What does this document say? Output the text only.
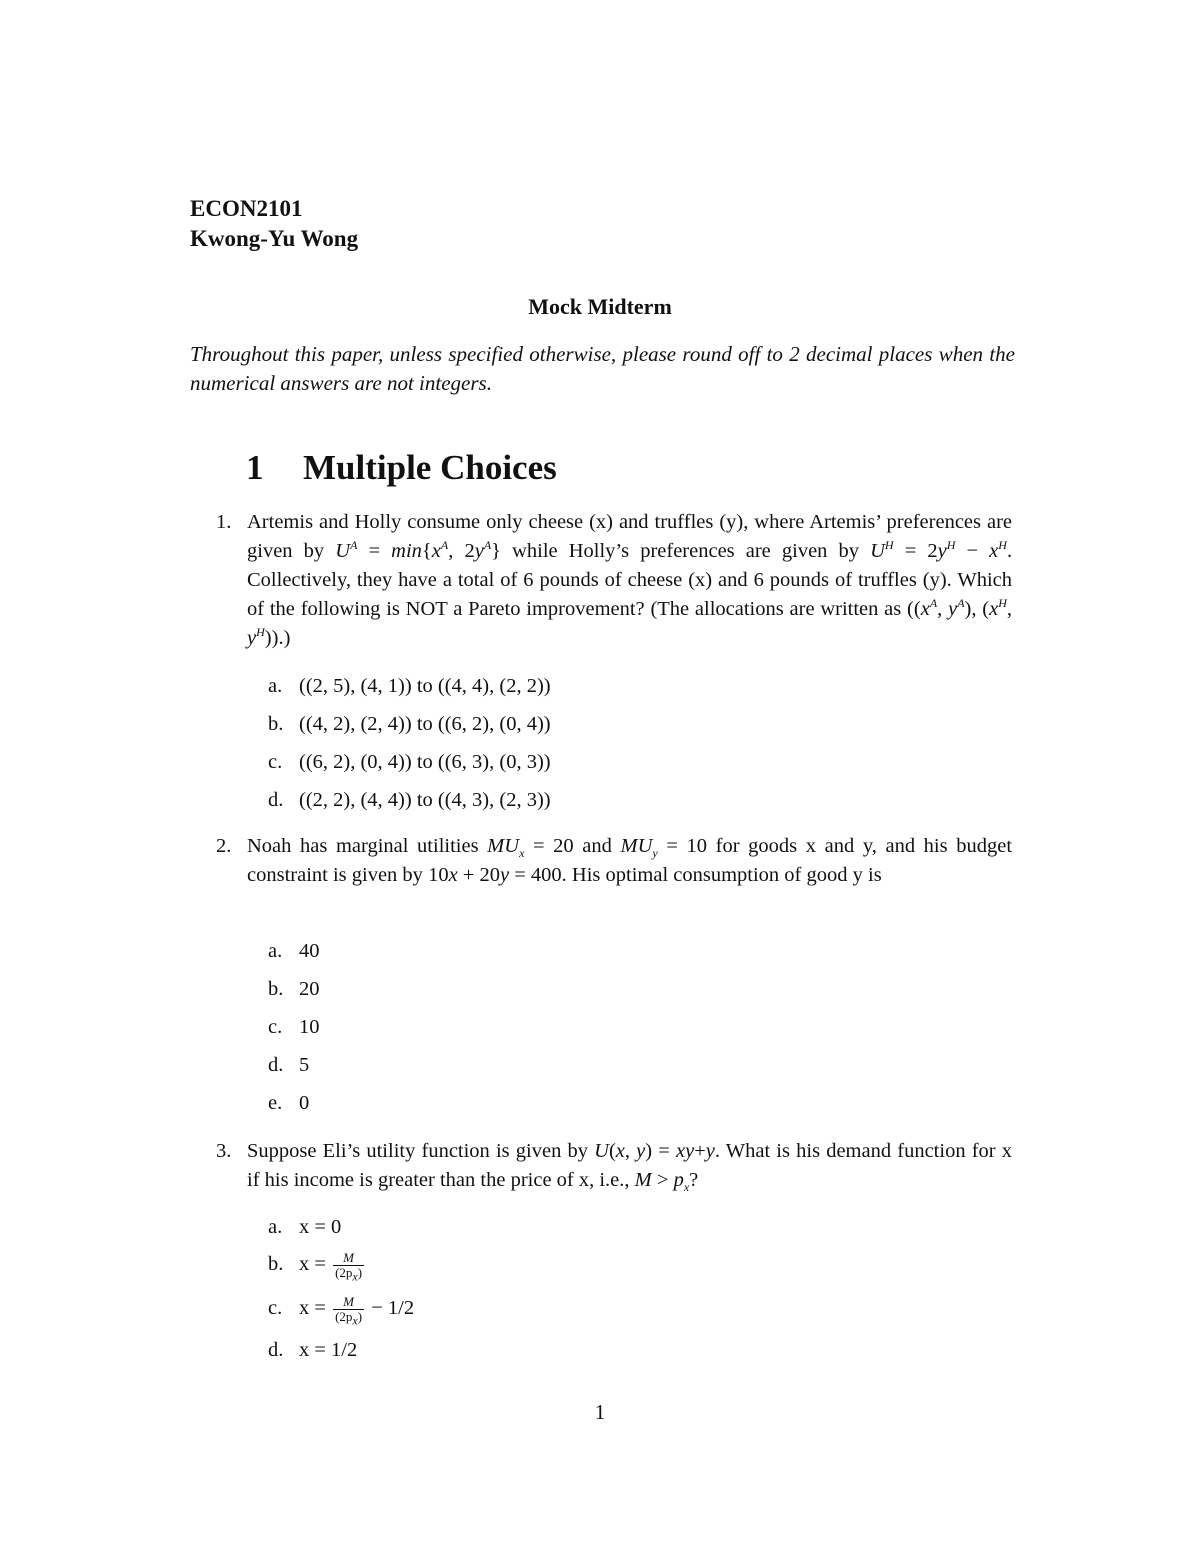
ECON2101
Kwong-Yu Wong
Mock Midterm
Throughout this paper, unless specified otherwise, please round off to 2 decimal places when the numerical answers are not integers.
1 Multiple Choices
1. Artemis and Holly consume only cheese (x) and truffles (y), where Artemis’ preferences are given by $U^A = \min\{x^A$, $2y^A$} while Holly’s preferences are given by $U^H = 2y^H - x^H$. Collectively, they have a total of 6 pounds of cheese (x) and 6 pounds of truffles (y). Which of the following is NOT a Pareto improvement? (The allocations are written as (($x^A$, $y^A$), ($x^H$, $y^H$)).)
a. ((2, 5), (4, 1)) to ((4, 4), (2, 2))
b. ((4, 2), (2, 4)) to ((6, 2), (0, 4))
c. ((6, 2), (0, 4)) to ((6, 3), (0, 3))
d. ((2, 2), (4, 4)) to ((4, 3), (2, 3))
2. Noah has marginal utilities $MU_x = 20$ and $MU_y = 10$ for goods x and y, and his budget constraint is given by 10x + 20y = 400. His optimal consumption of good y is
a. 40
b. 20
c. 10
d. 5
e. 0
3. Suppose Eli’s utility function is given by U(x, y) = xy+y. What is his demand function for x if his income is greater than the price of x, i.e., $M > p_x$?
a. x = 0
b. $x = \frac{M}{(2p_x)}$
c. $x = \frac{M}{(2p_x)} - 1/2$
d. x = 1/2
1
